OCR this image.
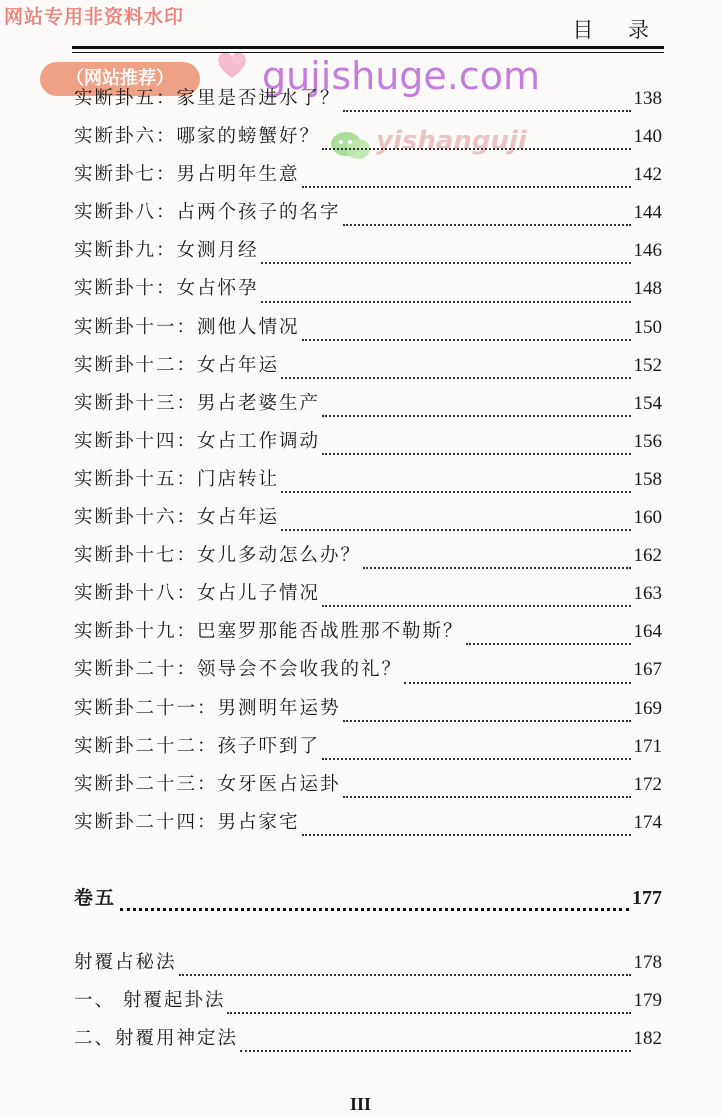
网站专用非资料水印
（网站推荐）	gujishuge.com
yishanguji
目 录
实断卦五：家里是否进水了？	138
实断卦六：哪家的螃蟹好？	140
实断卦七：男占明年生意	142
实断卦八：占两个孩子的名字	144
实断卦九：女测月经	146
实断卦十：女占怀孕	148
实断卦十一：测他人情况	150
实断卦十二：女占年运	152
实断卦十三：男占老婆生产	154
实断卦十四：女占工作调动	156
实断卦十五：门店转让	158
实断卦十六：女占年运	160
实断卦十七：女儿多动怎么办？	162
实断卦十八：女占儿子情况	163
实断卦十九：巴塞罗那能否战胜那不勒斯？	164
实断卦二十：领导会不会收我的礼？	167
实断卦二十一：男测明年运势	169
实断卦二十二：孩子吓到了	171
实断卦二十三：女牙医占运卦	172
实断卦二十四：男占家宅	174
卷五	177
射覆占秘法	178
一、 射覆起卦法	179
二、射覆用神定法	182
III
